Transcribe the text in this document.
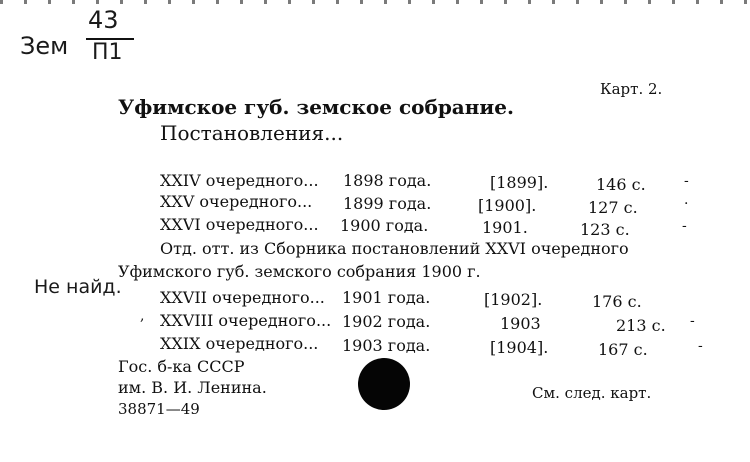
Зем
43
П1
Карт. 2.
Уфимское губ. земское собрание.
Постановления...
XXIV очередного... 1898 года.	[1899].	146 с.	-
XXV очередного... 1899 года.	[1900].	127 с.	·
XXVI очередного... 1900 года.	1901.	123 с.	-
Отд. отт. из Сборника постановлений XXVI очередного
Уфимского губ. земского собрания 1900 г.
Не найд. XXVII очередного... 1901 года.	[1902].	176 с.
, XXVIII очередного... 1902 года.	1903	213 с. -
XXIX очередного... 1903 года.	[1904].	167 с.	-
Гос. б-ка СССР
им. В. И. Ленина.
38871—49
См. след. карт.
